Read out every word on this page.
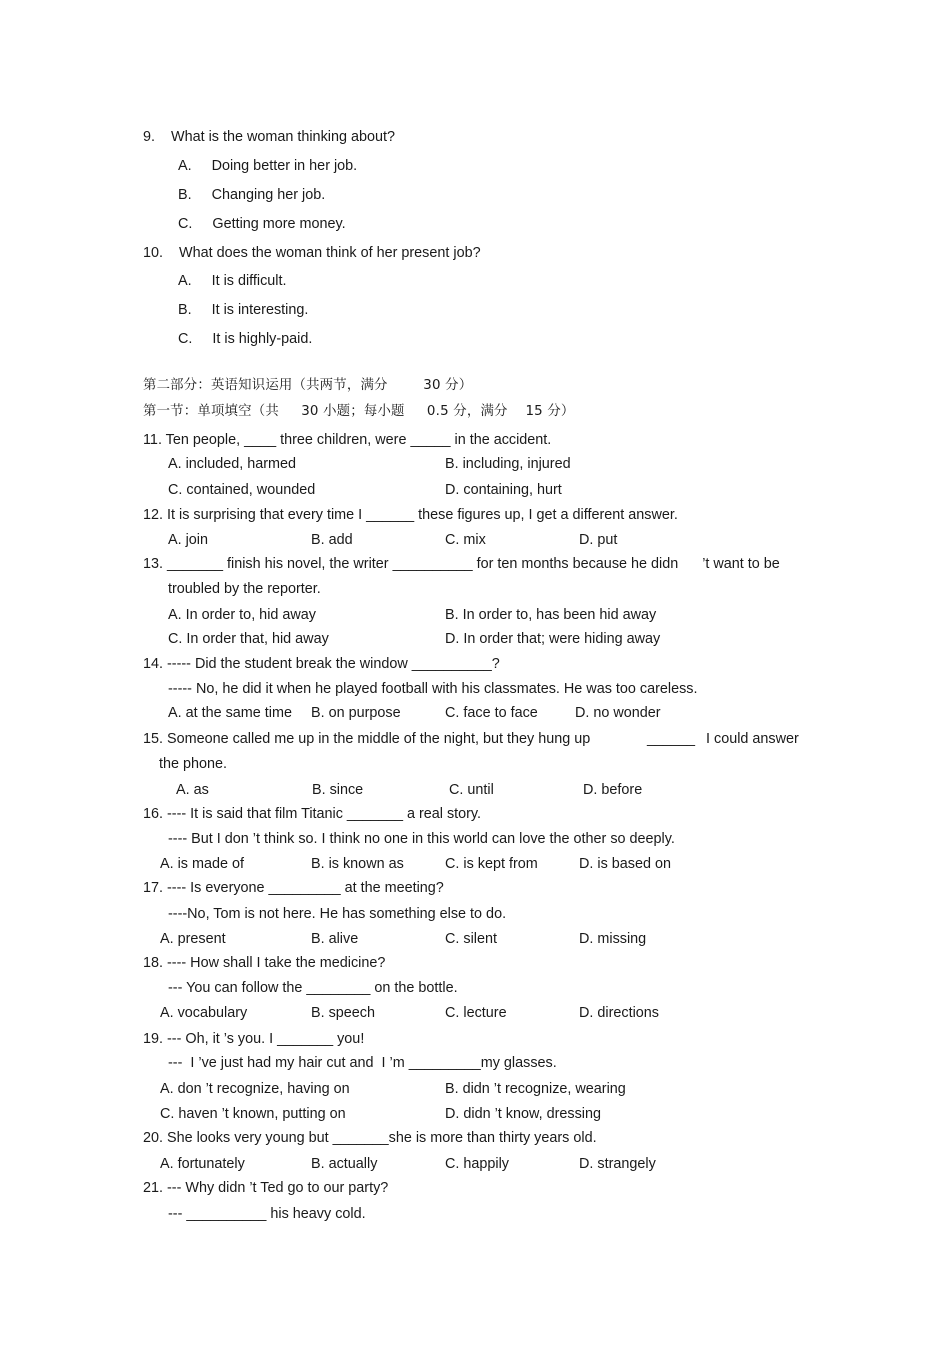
9.    What is the woman thinking about?
A.     Doing better in her job.
B.     Changing her job.
C.     Getting more money.
10.    What does the woman think of her present job?
A.     It is difficult.
B.     It is interesting.
C.     It is highly-paid.
第二部分：英语知识运用（共两节，满分        30 分）
第一节：单项填空（共     30 小题；每小题     0.5 分，满分    15 分）
11. Ten people, ____ three children, were _____ in the accident.
A. included, harmed	B. including, injured
C. contained, wounded	D. containing, hurt
12. It is surprising that every time I ______ these figures up, I get a different answer.
A. join	B. add	C. mix	D. put
13. _______ finish his novel, the writer __________ for ten months because he didn      ’t want to be
troubled by the reporter.
A. In order to, hid away	B. In order to, has been hid away
C. In order that, hid away	D. In order that; were hiding away
14. ----- Did the student break the window __________?
----- No, he did it when he played football with his classmates. He was too careless.
A. at the same time B. on purpose	C. face to face	D. no wonder
15. Someone called me up in the middle of the night, but they hung up	______ I could answer
the phone.
A. as	B. since	C. until	D. before
16. ---- It is said that film Titanic _______ a real story.
---- But I don ’t think so. I think no one in this world can love the other so deeply.
A. is made of	B. is known as	C. is kept from	D. is based on
17. ---- Is everyone _________ at the meeting?
----No, Tom is not here. He has something else to do.
A. present	B. alive	C. silent	D. missing
18. ---- How shall I take the medicine?
--- You can follow the ________ on the bottle.
A. vocabulary	B. speech	C. lecture	D. directions
19. --- Oh, it ’s you. I _______ you!
---  I ’ve just had my hair cut and  I ’m _________my glasses.
A. don ’t recognize, having on	B. didn ’t recognize, wearing
C. haven ’t known, putting on	D. didn ’t know, dressing
20. She looks very young but _______she is more than thirty years old.
A. fortunately	B. actually	C. happily	D. strangely
21. --- Why didn ’t Ted go to our party?
--- __________ his heavy cold.
